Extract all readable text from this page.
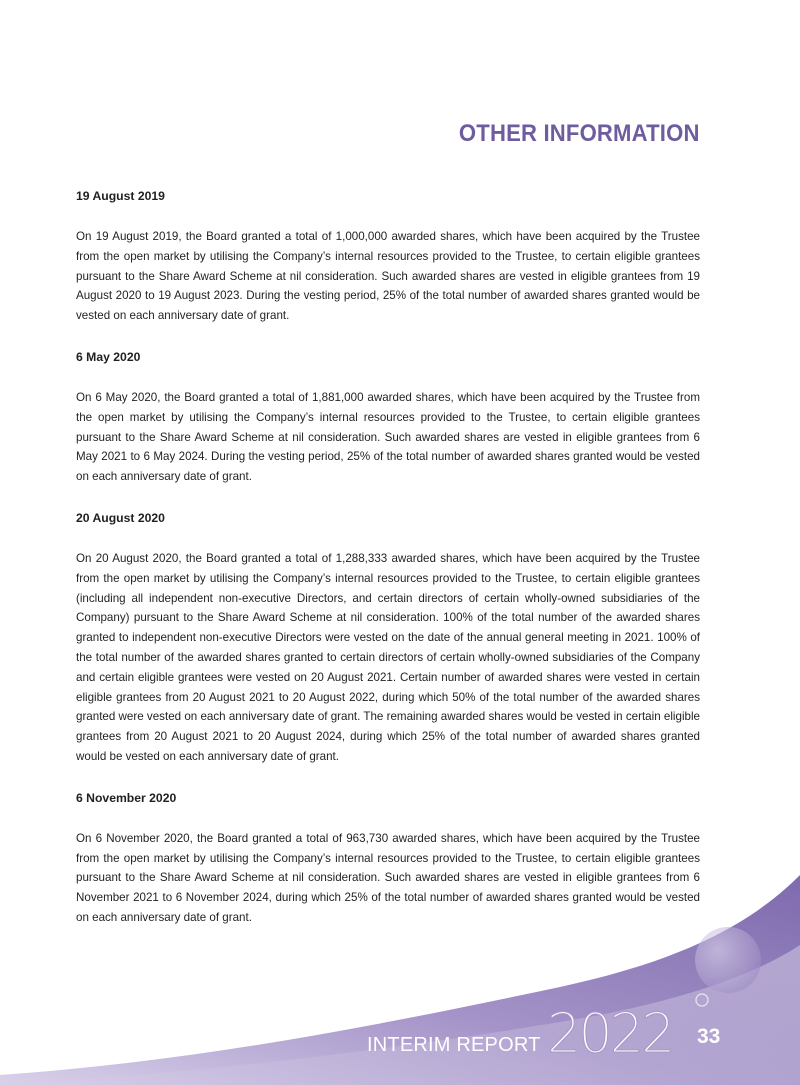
OTHER INFORMATION

19 August 2019

On 19 August 2019, the Board granted a total of 1,000,000 awarded shares, which have been acquired by the Trustee from the open market by utilising the Company’s internal resources provided to the Trustee, to certain eligible grantees pursuant to the Share Award Scheme at nil consideration. Such awarded shares are vested in eligible grantees from 19 August 2020 to 19 August 2023. During the vesting period, 25% of the total number of awarded shares granted would be vested on each anniversary date of grant.

6 May 2020

On 6 May 2020, the Board granted a total of 1,881,000 awarded shares, which have been acquired by the Trustee from the open market by utilising the Company’s internal resources provided to the Trustee, to certain eligible grantees pursuant to the Share Award Scheme at nil consideration. Such awarded shares are vested in eligible grantees from 6 May 2021 to 6 May 2024. During the vesting period, 25% of the total number of awarded shares granted would be vested on each anniversary date of grant.

20 August 2020

On 20 August 2020, the Board granted a total of 1,288,333 awarded shares, which have been acquired by the Trustee from the open market by utilising the Company’s internal resources provided to the Trustee, to certain eligible grantees (including all independent non-executive Directors, and certain directors of certain wholly-owned subsidiaries of the Company) pursuant to the Share Award Scheme at nil consideration. 100% of the total number of the awarded shares granted to independent non-executive Directors were vested on the date of the annual general meeting in 2021. 100% of the total number of the awarded shares granted to certain directors of certain wholly-owned subsidiaries of the Company and certain eligible grantees were vested on 20 August 2021. Certain number of awarded shares were vested in certain eligible grantees from 20 August 2021 to 20 August 2022, during which 50% of the total number of the awarded shares granted were vested on each anniversary date of grant. The remaining awarded shares would be vested in certain eligible grantees from 20 August 2021 to 20 August 2024, during which 25% of the total number of awarded shares granted would be vested on each anniversary date of grant.

6 November 2020

On 6 November 2020, the Board granted a total of 963,730 awarded shares, which have been acquired by the Trustee from the open market by utilising the Company’s internal resources provided to the Trustee, to certain eligible grantees pursuant to the Share Award Scheme at nil consideration. Such awarded shares are vested in eligible grantees from 6 November 2021 to 6 November 2024, during which 25% of the total number of awarded shares granted would be vested on each anniversary date of grant.

INTERIM REPORT 2022 33
